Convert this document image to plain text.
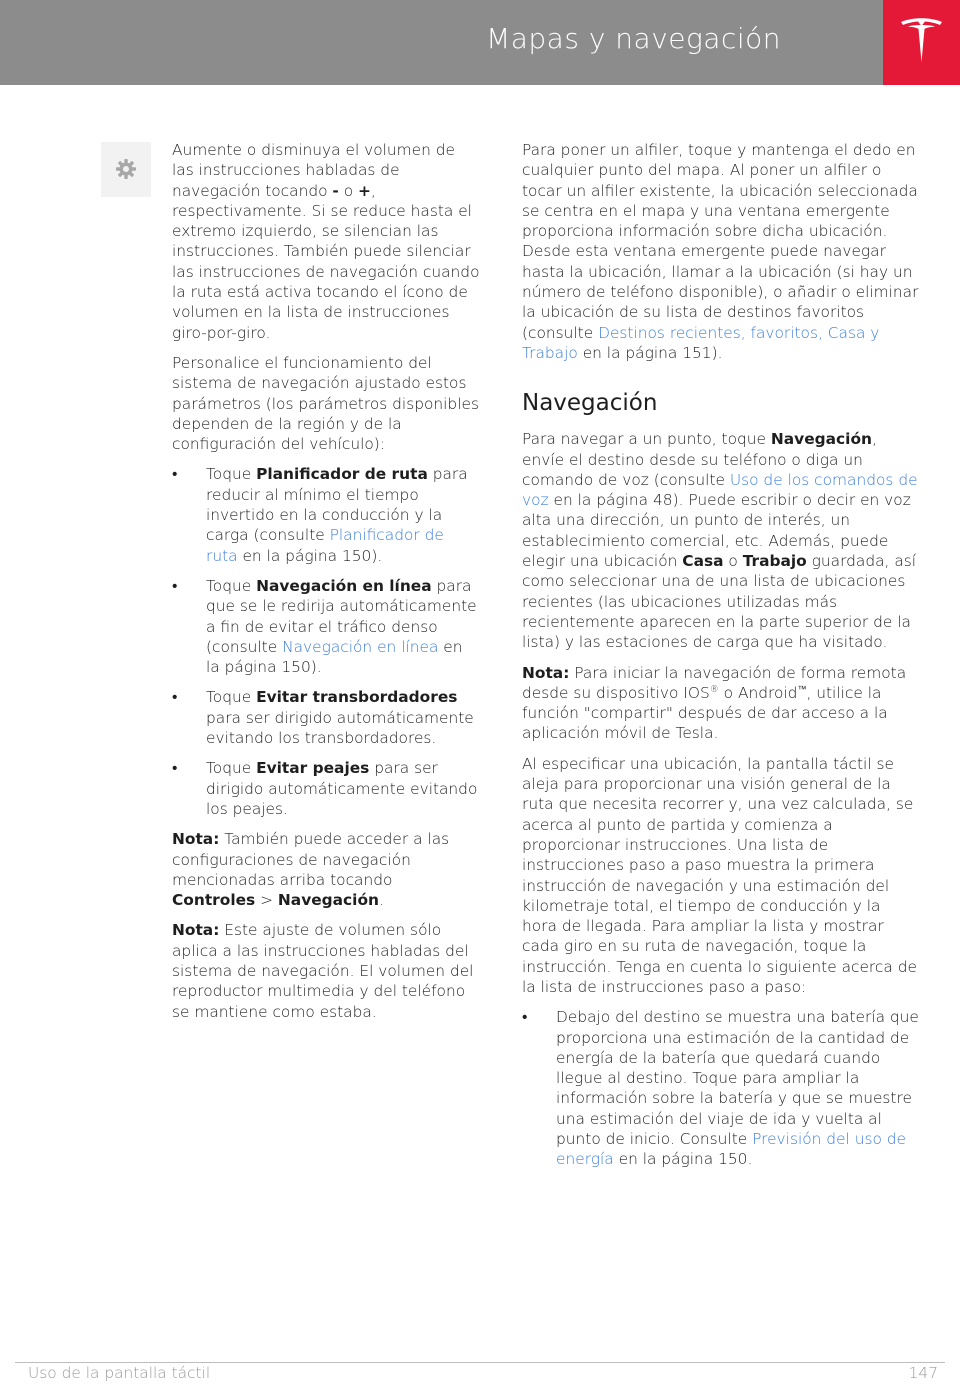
Mapas y navegación

Aumente o disminuya el volumen de las instrucciones habladas de navegación tocando - o +, respectivamente. Si se reduce hasta el extremo izquierdo, se silencian las instrucciones. También puede silenciar las instrucciones de navegación cuando la ruta está activa tocando el ícono de volumen en la lista de instrucciones giro-por-giro.

Personalice el funcionamiento del sistema de navegación ajustado estos parámetros (los parámetros disponibles dependen de la región y de la configuración del vehículo):

• Toque Planificador de ruta para reducir al mínimo el tiempo invertido en la conducción y la carga (consulte Planificador de ruta en la página 150).
• Toque Navegación en línea para que se le redirija automáticamente a fin de evitar el tráfico denso (consulte Navegación en línea en la página 150).
• Toque Evitar transbordadores para ser dirigido automáticamente evitando los transbordadores.
• Toque Evitar peajes para ser dirigido automáticamente evitando los peajes.

Nota: También puede acceder a las configuraciones de navegación mencionadas arriba tocando Controles > Navegación.

Nota: Este ajuste de volumen sólo aplica a las instrucciones habladas del sistema de navegación. El volumen del reproductor multimedia y del teléfono se mantiene como estaba.

Para poner un alfiler, toque y mantenga el dedo en cualquier punto del mapa. Al poner un alfiler o tocar un alfiler existente, la ubicación seleccionada se centra en el mapa y una ventana emergente proporciona información sobre dicha ubicación. Desde esta ventana emergente puede navegar hasta la ubicación, llamar a la ubicación (si hay un número de teléfono disponible), o añadir o eliminar la ubicación de su lista de destinos favoritos (consulte Destinos recientes, favoritos, Casa y Trabajo en la página 151).

Navegación

Para navegar a un punto, toque Navegación, envíe el destino desde su teléfono o diga un comando de voz (consulte Uso de los comandos de voz en la página 48). Puede escribir o decir en voz alta una dirección, un punto de interés, un establecimiento comercial, etc. Además, puede elegir una ubicación Casa o Trabajo guardada, así como seleccionar una de una lista de ubicaciones recientes (las ubicaciones utilizadas más recientemente aparecen en la parte superior de la lista) y las estaciones de carga que ha visitado.

Nota: Para iniciar la navegación de forma remota desde su dispositivo IOS® o Android™, utilice la función "compartir" después de dar acceso a la aplicación móvil de Tesla.

Al especificar una ubicación, la pantalla táctil se aleja para proporcionar una visión general de la ruta que necesita recorrer y, una vez calculada, se acerca al punto de partida y comienza a proporcionar instrucciones. Una lista de instrucciones paso a paso muestra la primera instrucción de navegación y una estimación del kilometraje total, el tiempo de conducción y la hora de llegada. Para ampliar la lista y mostrar cada giro en su ruta de navegación, toque la instrucción. Tenga en cuenta lo siguiente acerca de la lista de instrucciones paso a paso:

• Debajo del destino se muestra una batería que proporciona una estimación de la cantidad de energía de la batería que quedará cuando llegue al destino. Toque para ampliar la información sobre la batería y que se muestre una estimación del viaje de ida y vuelta al punto de inicio. Consulte Previsión del uso de energía en la página 150.
Uso de la pantalla táctil	147
